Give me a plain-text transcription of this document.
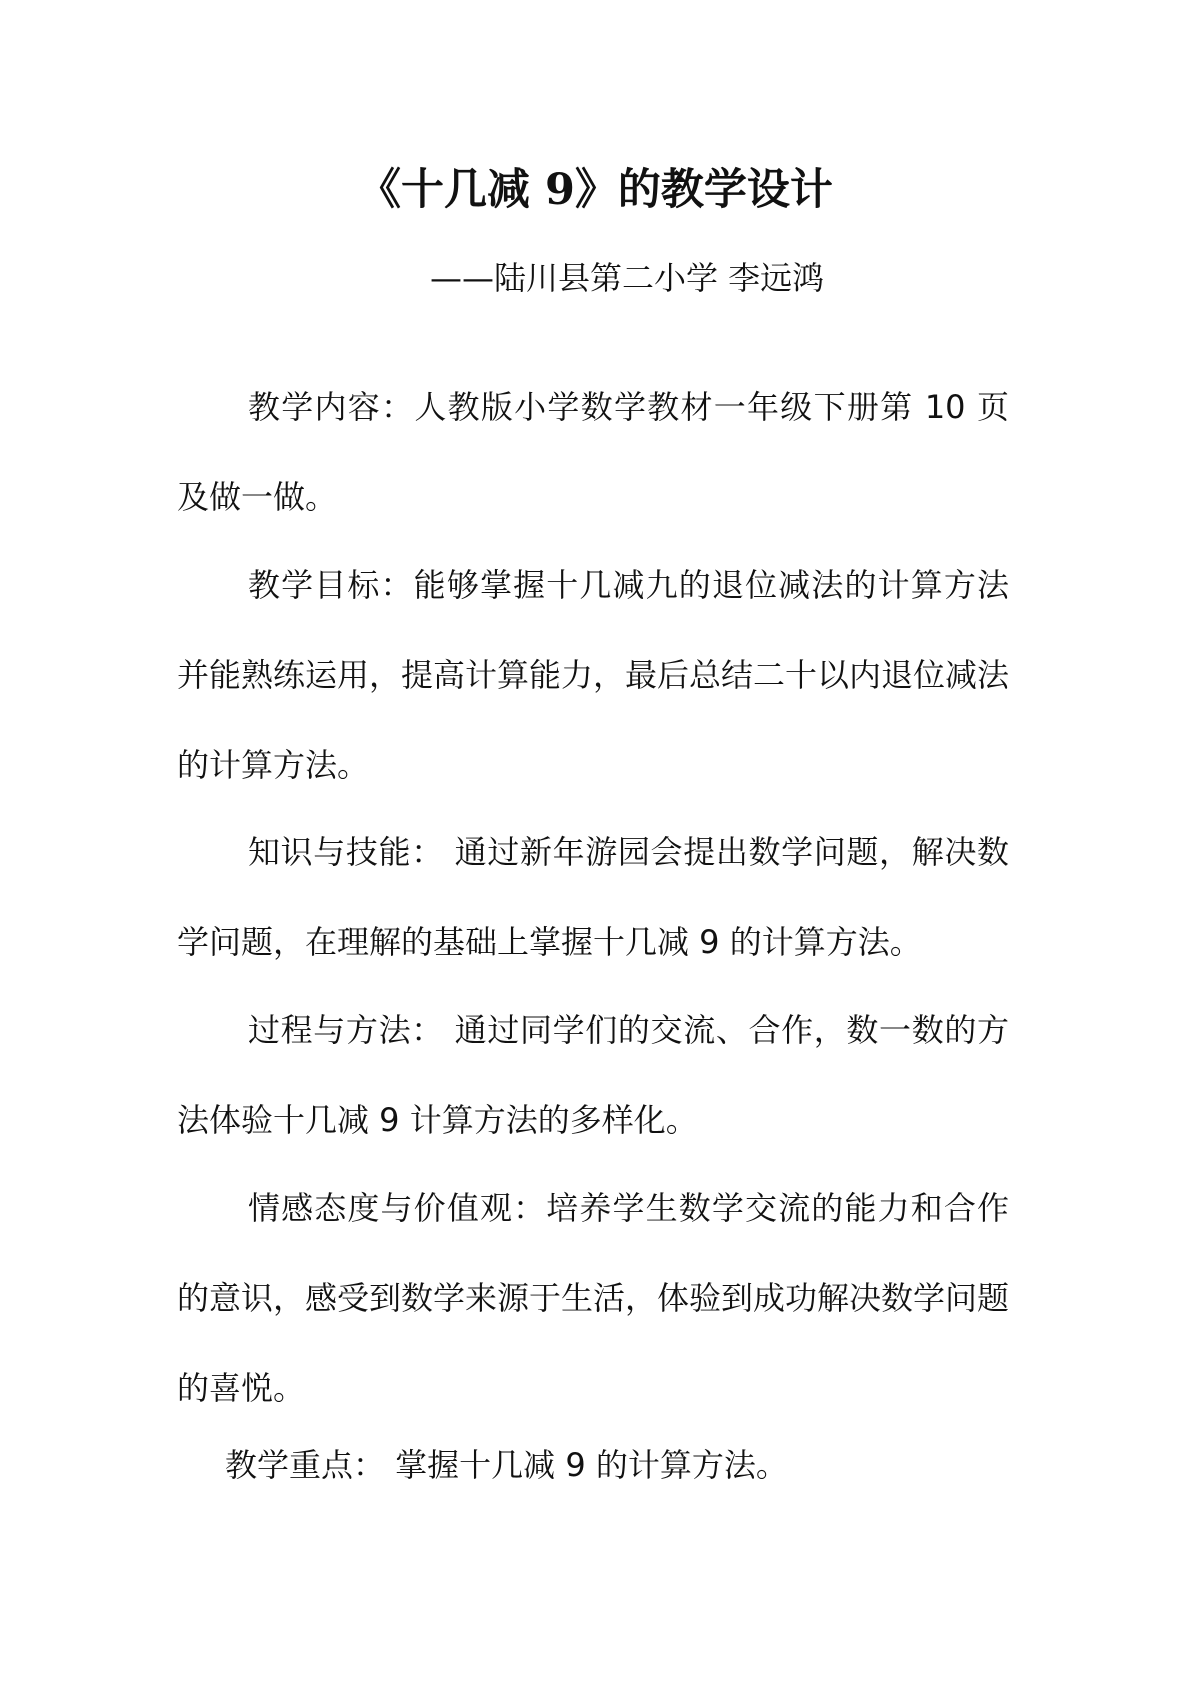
《十几减 9》的教学设计
——陆川县第二小学 李远鸿

教学内容：人教版小学数学教材一年级下册第 10 页及做一做。

教学目标：能够掌握十几减九的退位减法的计算方法并能熟练运用，提高计算能力，最后总结二十以内退位减法的计算方法。

知识与技能： 通过新年游园会提出数学问题，解决数学问题，在理解的基础上掌握十几减 9 的计算方法。

过程与方法： 通过同学们的交流、合作，数一数的方法体验十几减 9 计算方法的多样化。

情感态度与价值观：培养学生数学交流的能力和合作的意识，感受到数学来源于生活，体验到成功解决数学问题的喜悦。

教学重点： 掌握十几减 9 的计算方法。
